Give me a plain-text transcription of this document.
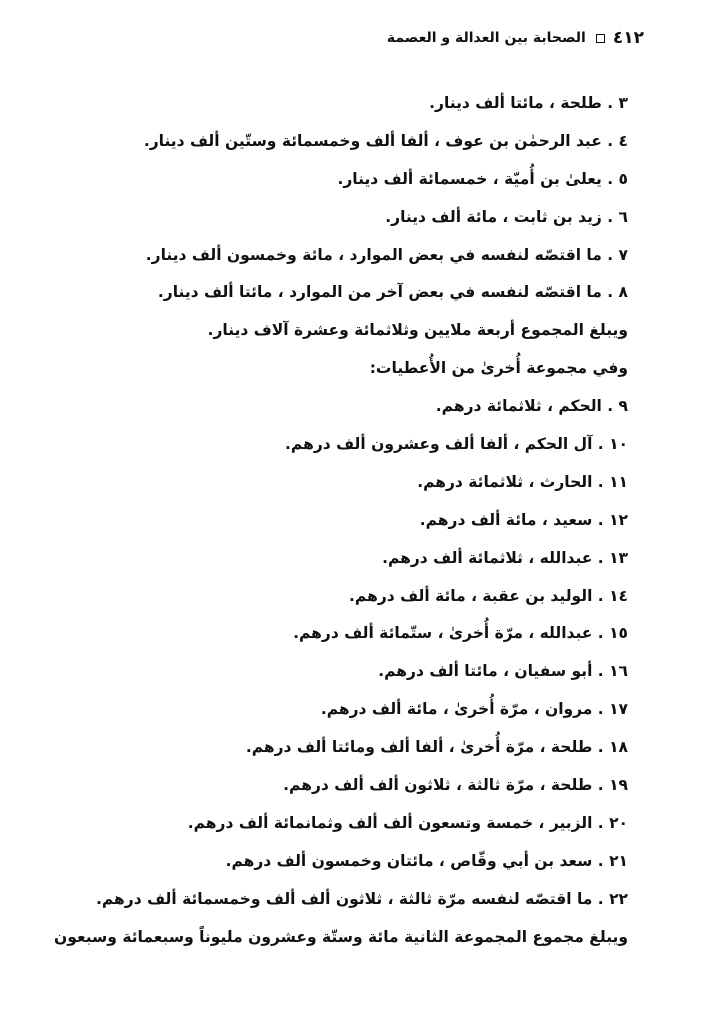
٤١٢
الصحابة بين العدالة و العصمة
٣ . طلحة ، مائتا ألف دينار.
٤ . عبد الرحمٰن بن عوف ، ألفا ألف وخمسمائة وستّين ألف دينار.
٥ . يعلىٰ بن أُميّة ، خمسمائة ألف دينار.
٦ . زيد بن ثابت ، مائة ألف دينار.
٧ . ما اقتصّه لنفسه في بعض الموارد ، مائة وخمسون ألف دينار.
٨ . ما اقتصّه لنفسه في بعض آخر من الموارد ، مائتا ألف دينار.
ويبلغ المجموع أربعة ملايين وثلاثمائة وعشرة آلاف دينار.
وفي مجموعة أُخرىٰ من الأُعطيات:
٩ . الحكم ، ثلاثمائة درهم.
١٠ . آل الحكم ، ألفا ألف وعشرون ألف درهم.
١١ . الحارث ، ثلاثمائة درهم.
١٢ . سعيد ، مائة ألف درهم.
١٣ . عبدالله ، ثلاثمائة ألف درهم.
١٤ . الوليد بن عقبة ، مائة ألف درهم.
١٥ . عبدالله ، مرّة أُخرىٰ ، ستّمائة ألف درهم.
١٦ . أبو سفيان ، مائتا ألف درهم.
١٧ . مروان ، مرّة أُخرىٰ ، مائة ألف درهم.
١٨ . طلحة ، مرّة أُخرىٰ ، ألفا ألف ومائتا ألف درهم.
١٩ . طلحة ، مرّة ثالثة ، ثلاثون ألف ألف درهم.
٢٠ . الزبير ، خمسة وتسعون ألف ألف وثمانمائة ألف درهم.
٢١ . سعد بن أبي وقّاص ، مائتان وخمسون ألف درهم.
٢٢ . ما اقتصّه لنفسه مرّة ثالثة ، ثلاثون ألف ألف وخمسمائة ألف درهم.
ويبلغ مجموع المجموعة الثانية مائة وستّة وعشرون مليوناً وسبعمائة وسبعون
